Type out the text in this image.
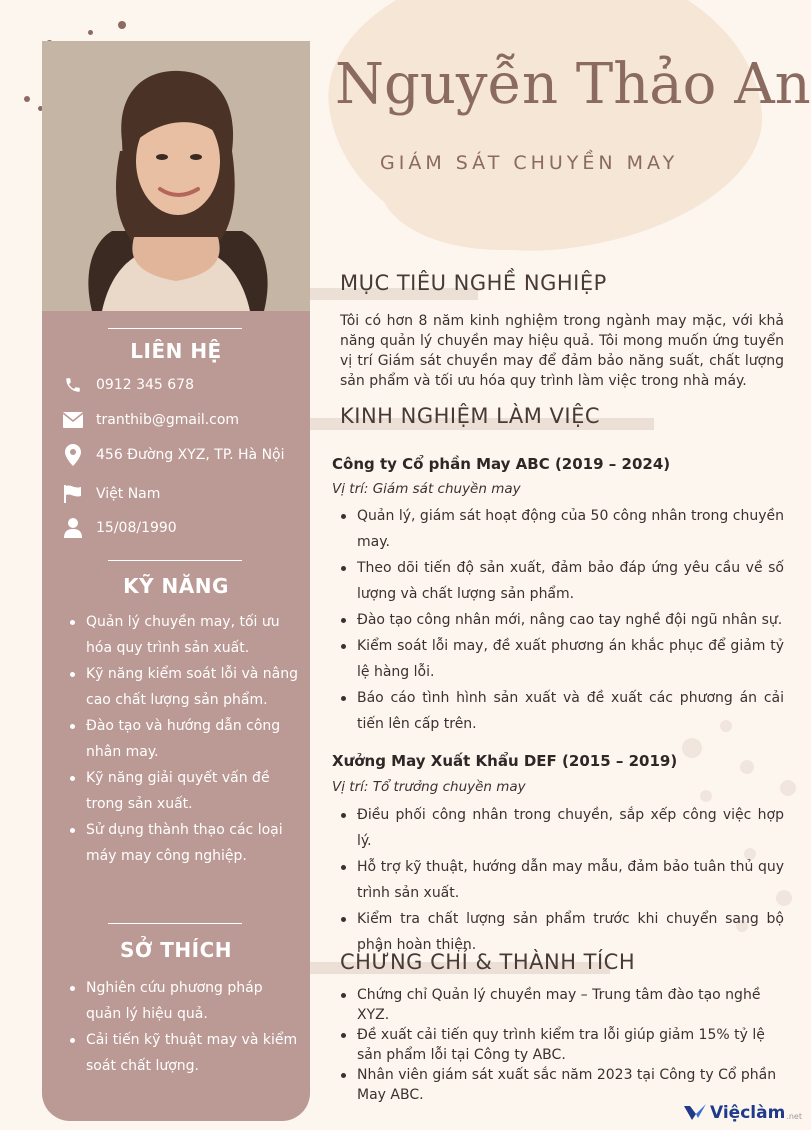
LIÊN HỆ
0912 345 678
tranthib@gmail.com
456 Đường XYZ, TP. Hà Nội
Việt Nam
15/08/1990
KỸ NĂNG
Quản lý chuyền may, tối ưu hóa quy trình sản xuất.
Kỹ năng kiểm soát lỗi và nâng cao chất lượng sản phẩm.
Đào tạo và hướng dẫn công nhân may.
Kỹ năng giải quyết vấn đề trong sản xuất.
Sử dụng thành thạo các loại máy may công nghiệp.
SỞ THÍCH
Nghiên cứu phương pháp quản lý hiệu quả.
Cải tiến kỹ thuật may và kiểm soát chất lượng.
Nguyễn Thảo An
GIÁM SÁT CHUYỀN MAY
MỤC TIÊU NGHỀ NGHIỆP
Tôi có hơn 8 năm kinh nghiệm trong ngành may mặc, với khả năng quản lý chuyền may hiệu quả. Tôi mong muốn ứng tuyển vị trí Giám sát chuyền may để đảm bảo năng suất, chất lượng sản phẩm và tối ưu hóa quy trình làm việc trong nhà máy.
KINH NGHIỆM LÀM VIỆC
Công ty Cổ phần May ABC (2019 – 2024)
Vị trí: Giám sát chuyền may
Quản lý, giám sát hoạt động của 50 công nhân trong chuyền may.
Theo dõi tiến độ sản xuất, đảm bảo đáp ứng yêu cầu về số lượng và chất lượng sản phẩm.
Đào tạo công nhân mới, nâng cao tay nghề đội ngũ nhân sự.
Kiểm soát lỗi may, đề xuất phương án khắc phục để giảm tỷ lệ hàng lỗi.
Báo cáo tình hình sản xuất và đề xuất các phương án cải tiến lên cấp trên.
Xưởng May Xuất Khẩu DEF (2015 – 2019)
Vị trí: Tổ trưởng chuyền may
Điều phối công nhân trong chuyền, sắp xếp công việc hợp lý.
Hỗ trợ kỹ thuật, hướng dẫn may mẫu, đảm bảo tuân thủ quy trình sản xuất.
Kiểm tra chất lượng sản phẩm trước khi chuyển sang bộ phận hoàn thiện.
CHỨNG CHỈ & THÀNH TÍCH
Chứng chỉ Quản lý chuyền may – Trung tâm đào tạo nghề XYZ.
Đề xuất cải tiến quy trình kiểm tra lỗi giúp giảm 15% tỷ lệ sản phẩm lỗi tại Công ty ABC.
Nhân viên giám sát xuất sắc năm 2023 tại Công ty Cổ phần May ABC.
Việclàm .net
